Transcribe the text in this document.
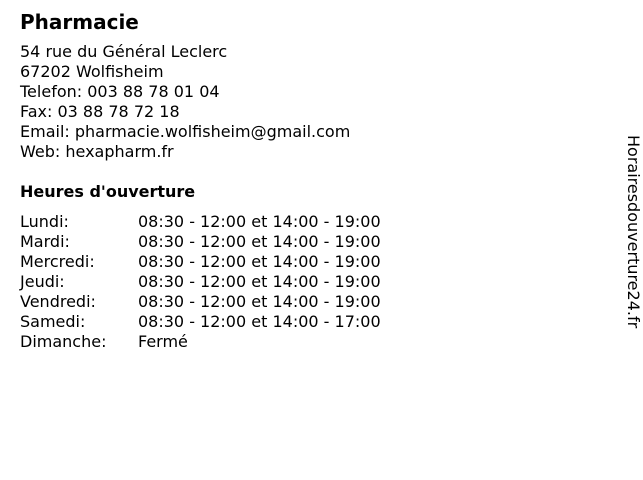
Pharmacie
54 rue du Général Leclerc
67202 Wolfisheim
Telefon: 003 88 78 01 04
Fax: 03 88 78 72 18
Email: pharmacie.wolfisheim@gmail.com
Web: hexapharm.fr
Heures d'ouverture
Lundi:	08:30 - 12:00 et 14:00 - 19:00
Mardi:	08:30 - 12:00 et 14:00 - 19:00
Mercredi:	08:30 - 12:00 et 14:00 - 19:00
Jeudi:	08:30 - 12:00 et 14:00 - 19:00
Vendredi:	08:30 - 12:00 et 14:00 - 19:00
Samedi:	08:30 - 12:00 et 14:00 - 17:00
Dimanche:	Fermé
Horairesdouverture24.fr
